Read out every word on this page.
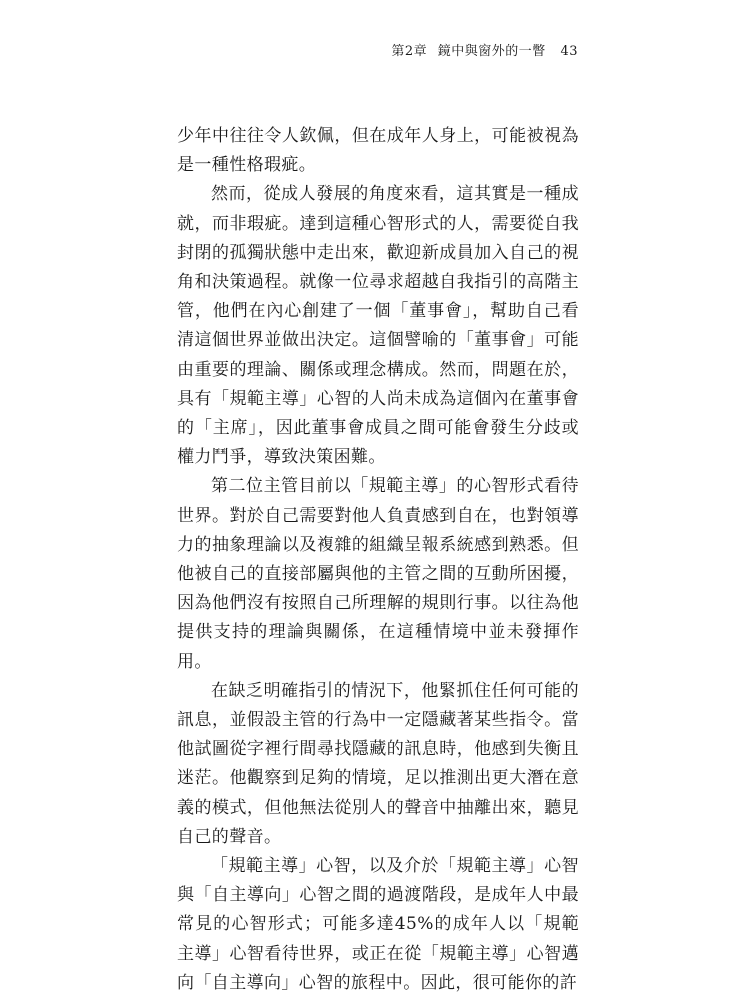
第2章 鏡中與窗外的一瞥 43

少年中往往令人欽佩，但在成年人身上，可能被視為是一種性格瑕疵。

然而，從成人發展的角度來看，這其實是一種成就，而非瑕疵。達到這種心智形式的人，需要從自我封閉的孤獨狀態中走出來，歡迎新成員加入自己的視角和決策過程。就像一位尋求超越自我指引的高階主管，他們在內心創建了一個「董事會」，幫助自己看清這個世界並做出決定。這個譬喻的「董事會」可能由重要的理論、關係或理念構成。然而，問題在於，具有「規範主導」心智的人尚未成為這個內在董事會的「主席」，因此董事會成員之間可能會發生分歧或權力鬥爭，導致決策困難。

第二位主管目前以「規範主導」的心智形式看待世界。對於自己需要對他人負責感到自在，也對領導力的抽象理論以及複雜的組織呈報系統感到熟悉。但他被自己的直接部屬與他的主管之間的互動所困擾，因為他們沒有按照自己所理解的規則行事。以往為他提供支持的理論與關係，在這種情境中並未發揮作用。

在缺乏明確指引的情況下，他緊抓住任何可能的訊息，並假設主管的行為中一定隱藏著某些指令。當他試圖從字裡行間尋找隱藏的訊息時，他感到失衡且迷茫。他觀察到足夠的情境，足以推測出更大潛在意義的模式，但他無法從別人的聲音中抽離出來，聽見自己的聲音。

「規範主導」心智，以及介於「規範主導」心智與「自主導向」心智之間的過渡階段，是成年人中最常見的心智形式；可能多達45%的成年人以「規範主導」心智看待世界，或正在從「規範主導」心智邁向「自主導向」心智的旅程中。因此，很可能你的許
